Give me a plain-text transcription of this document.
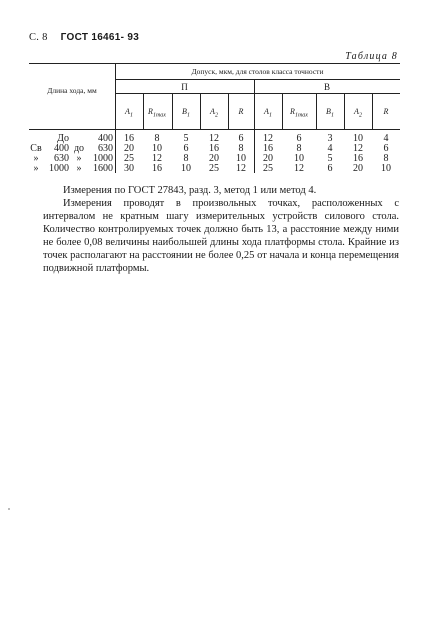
С. 8 ГОСТ 16461- 93
Таблица 8
Длина хода, мм
Допуск, мкм, для столов класса точности
П	В
$A_1$	$R_{1max}$	$B_1$	$A_2$	R	$A_1$	$R_{1max}$	$B_1$	$A_2$	R
До	400	16	8	5	12	6	12	6	3	10	4
Св	400 до	630	20	10	6	16	8	16	8	4	12	6
»	630 »	1000	25	12	8	20	10	20	10	5	16	8
»	1000 »	1600	30	16	10	25	12	25	12	6	20	10

Измерения по ГОСТ 27843, разд. 3, метод 1 или метод 4.

Измерения проводят в произвольных точках, расположенных с интервалом не кратным шагу измерительных устройств силового стола. Количество контролируемых точек должно быть 13, а расстояние между ними не более 0,08 величины наибольшей длины хода платформы стола. Крайние из точек располагают на расстоянии не более 0,25 от начала и конца перемещения подвижной платформы.
